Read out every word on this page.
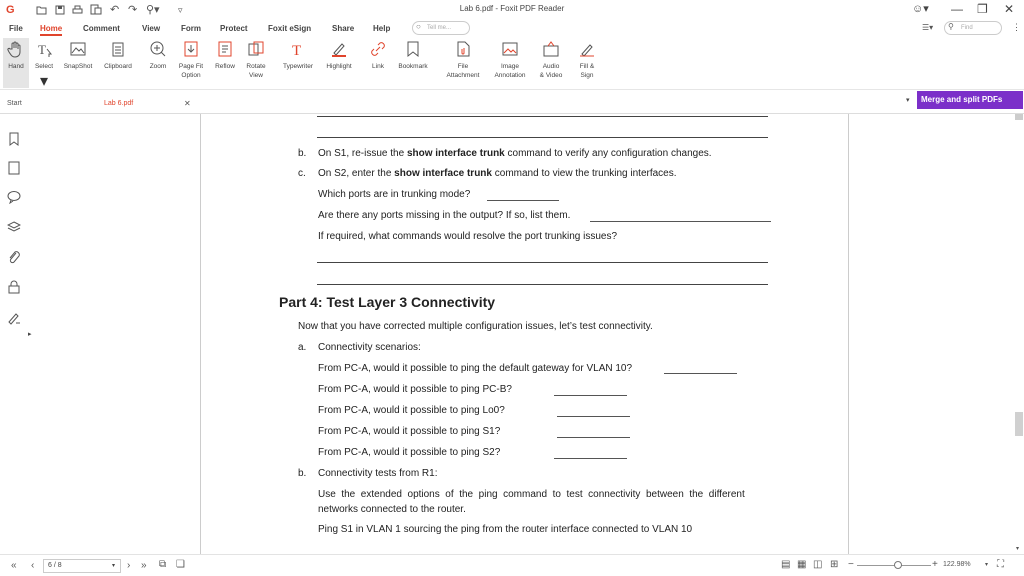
G	↶ ↷ ⚲▾ ▿	Lab 6.pdf - Foxit PDF Reader	☺▾ — ❐ ✕
File Home	Comment	View	Form Protect	Foxit eSign	Share Help	Tell me...
○	☰▾	Find
⚲	⋮
Hand
T
Select
▾
SnapShot	Clipboard	Zoom	Page Fit
Option
Reflow	Rotate
View
T
Typewriter	Highlight	Link	Bookmark	File
Attachment
Image
Annotation
Audio
& Video
Fill &
Sign
Start	Lab 6.pdf	✕	▾	Merge and split PDFs
▸
b. On S1, re-issue the show interface trunk command to verify any configuration changes.
c. On S2, enter the show interface trunk command to view the trunking interfaces.
Which ports are in trunking mode?
Are there any ports missing in the output? If so, list them.
If required, what commands would resolve the port trunking issues?
Part 4: Test Layer 3 Connectivity
Now that you have corrected multiple configuration issues, let’s test connectivity.
a. Connectivity scenarios:
From PC-A, would it possible to ping the default gateway for VLAN 10?
From PC-A, would it possible to ping PC-B?
From PC-A, would it possible to ping Lo0?
From PC-A, would it possible to ping S1?
From PC-A, would it possible to ping S2?
b. Connectivity tests from R1:
Use  the  extended  options  of  the  ping  command  to  test  connectivity  between  the  different
networks connected to the router.
Ping S1 in VLAN 1 sourcing the ping from the router interface connected to VLAN 10
▾
« ‹ 6 / 8	▾ › » ⧉ ❏	▤ ▦ ◫ ⊞ −	+ 122.98% ▾ ⛶
